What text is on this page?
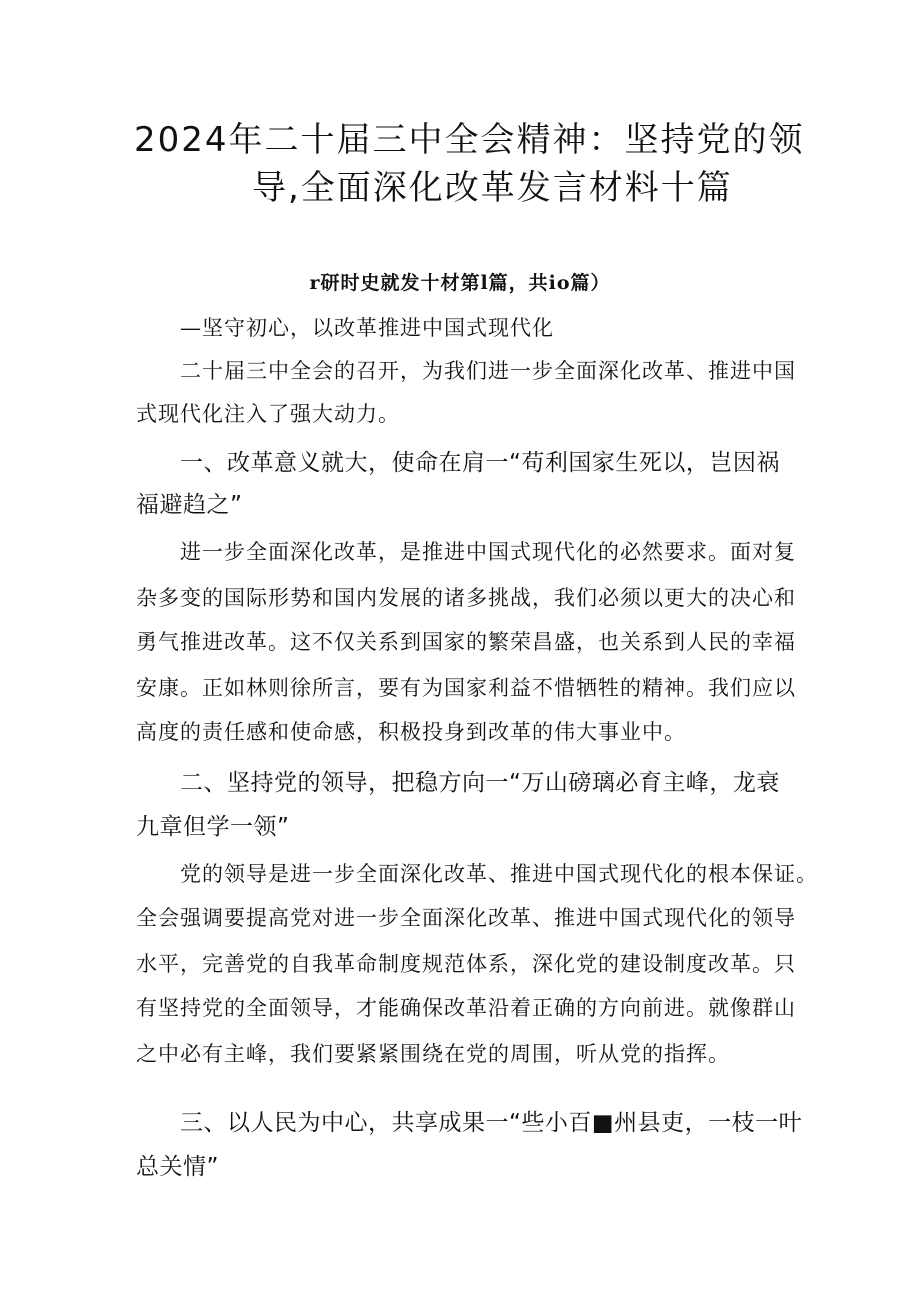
2024年二十届三中全会精神：坚持党的领
导,全面深化改革发言材料十篇
r研时史就发十材第l篇，共io篇）
—坚守初心，以改革推进中国式现代化
二十届三中全会的召开，为我们进一步全面深化改革、推进中国
式现代化注入了强大动力。
一、改革意义就大，使命在肩一“苟利国家生死以，岂因祸
福避趋之”
进一步全面深化改革，是推进中国式现代化的必然要求。面对复
杂多变的国际形势和国内发展的诸多挑战，我们必须以更大的决心和
勇气推进改革。这不仅关系到国家的繁荣昌盛，也关系到人民的幸福
安康。正如林则徐所言，要有为国家利益不惜牺牲的精神。我们应以
高度的责任感和使命感，积极投身到改革的伟大事业中。
二、坚持党的领导，把稳方向一“万山磅璃必育主峰，龙衰
九章但学一领”
党的领导是进一步全面深化改革、推进中国式现代化的根本保证。
全会强调要提高党对进一步全面深化改革、推进中国式现代化的领导
水平，完善党的自我革命制度规范体系，深化党的建设制度改革。只
有坚持党的全面领导，才能确保改革沿着正确的方向前进。就像群山
之中必有主峰，我们要紧紧围绕在党的周围，听从党的指挥。
三、以人民为中心，共享成果一“些小百■州县吏，一枝一叶
总关情”
